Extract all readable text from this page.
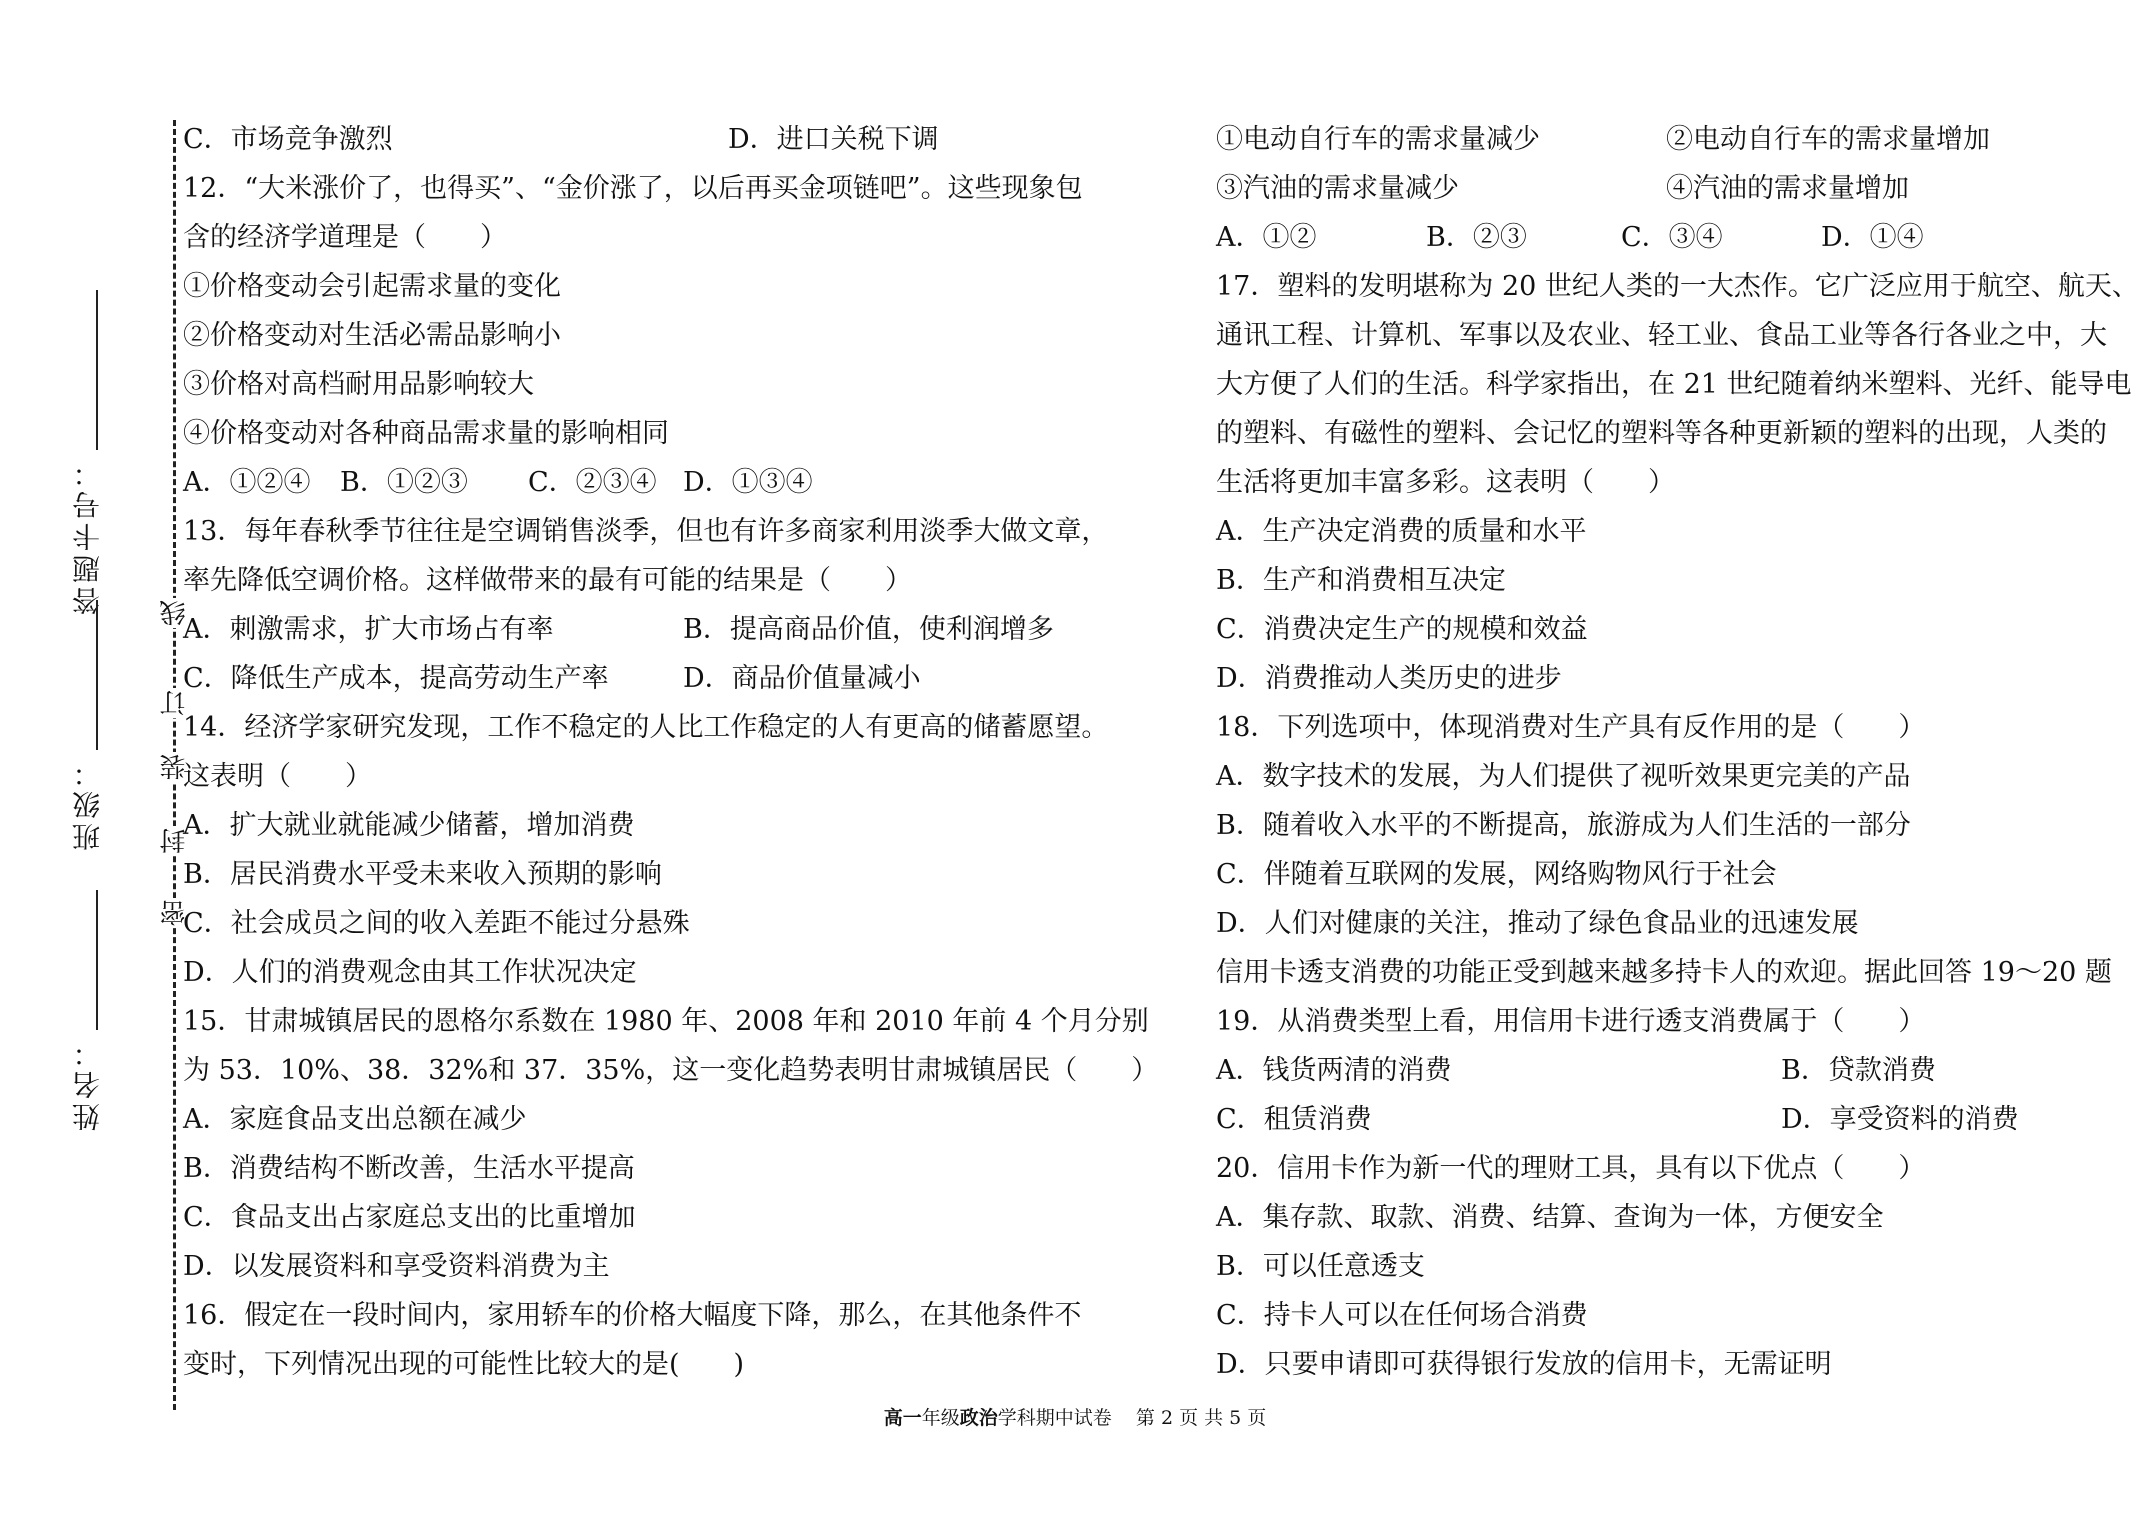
答题卡号：
班级：
姓名：
线
订
装
封
密
C．市场竞争激烈	D．进口关税下调
12．“大米涨价了，也得买”、“金价涨了，以后再买金项链吧”。这些现象包
含的经济学道理是（　　）
①价格变动会引起需求量的变化
②价格变动对生活必需品影响小
③价格对高档耐用品影响较大
④价格变动对各种商品需求量的影响相同
A．①②④ B．①②③ C．②③④ D．①③④
13．每年春秋季节往往是空调销售淡季，但也有许多商家利用淡季大做文章，
率先降低空调价格。这样做带来的最有可能的结果是（　　）
A．刺激需求，扩大市场占有率	B．提高商品价值，使利润增多
C．降低生产成本，提高劳动生产率	D．商品价值量减小
14．经济学家研究发现，工作不稳定的人比工作稳定的人有更高的储蓄愿望。
这表明（　　）
A．扩大就业就能减少储蓄，增加消费
B．居民消费水平受未来收入预期的影响
C．社会成员之间的收入差距不能过分悬殊
D．人们的消费观念由其工作状况决定
15．甘肃城镇居民的恩格尔系数在 1980 年、2008 年和 2010 年前 4 个月分别
为 53．10%、38．32%和 37．35%，这一变化趋势表明甘肃城镇居民（　　）
A．家庭食品支出总额在减少
B．消费结构不断改善，生活水平提高
C．食品支出占家庭总支出的比重增加
D．以发展资料和享受资料消费为主
16．假定在一段时间内，家用轿车的价格大幅度下降，那么，在其他条件不
变时，下列情况出现的可能性比较大的是(　　)
①电动自行车的需求量减少	②电动自行车的需求量增加
③汽油的需求量减少	④汽油的需求量增加
A．①②	B．②③	C．③④	D．①④
17．塑料的发明堪称为 20 世纪人类的一大杰作。它广泛应用于航空、航天、
通讯工程、计算机、军事以及农业、轻工业、食品工业等各行各业之中，大
大方便了人们的生活。科学家指出，在 21 世纪随着纳米塑料、光纤、能导电
的塑料、有磁性的塑料、会记忆的塑料等各种更新颖的塑料的出现，人类的
生活将更加丰富多彩。这表明（　　）
A．生产决定消费的质量和水平
B．生产和消费相互决定
C．消费决定生产的规模和效益
D．消费推动人类历史的进步
18．下列选项中，体现消费对生产具有反作用的是（　　）
A．数字技术的发展，为人们提供了视听效果更完美的产品
B．随着收入水平的不断提高，旅游成为人们生活的一部分
C．伴随着互联网的发展，网络购物风行于社会
D．人们对健康的关注，推动了绿色食品业的迅速发展
信用卡透支消费的功能正受到越来越多持卡人的欢迎。据此回答 19～20 题
19．从消费类型上看，用信用卡进行透支消费属于（　　）
A．钱货两清的消费	B．贷款消费
C．租赁消费	D．享受资料的消费
20．信用卡作为新一代的理财工具，具有以下优点（　　）
A．集存款、取款、消费、结算、查询为一体，方便安全
B．可以任意透支
C．持卡人可以在任何场合消费
D．只要申请即可获得银行发放的信用卡，无需证明
高一年级政治学科期中试卷 第 2 页 共 5 页
